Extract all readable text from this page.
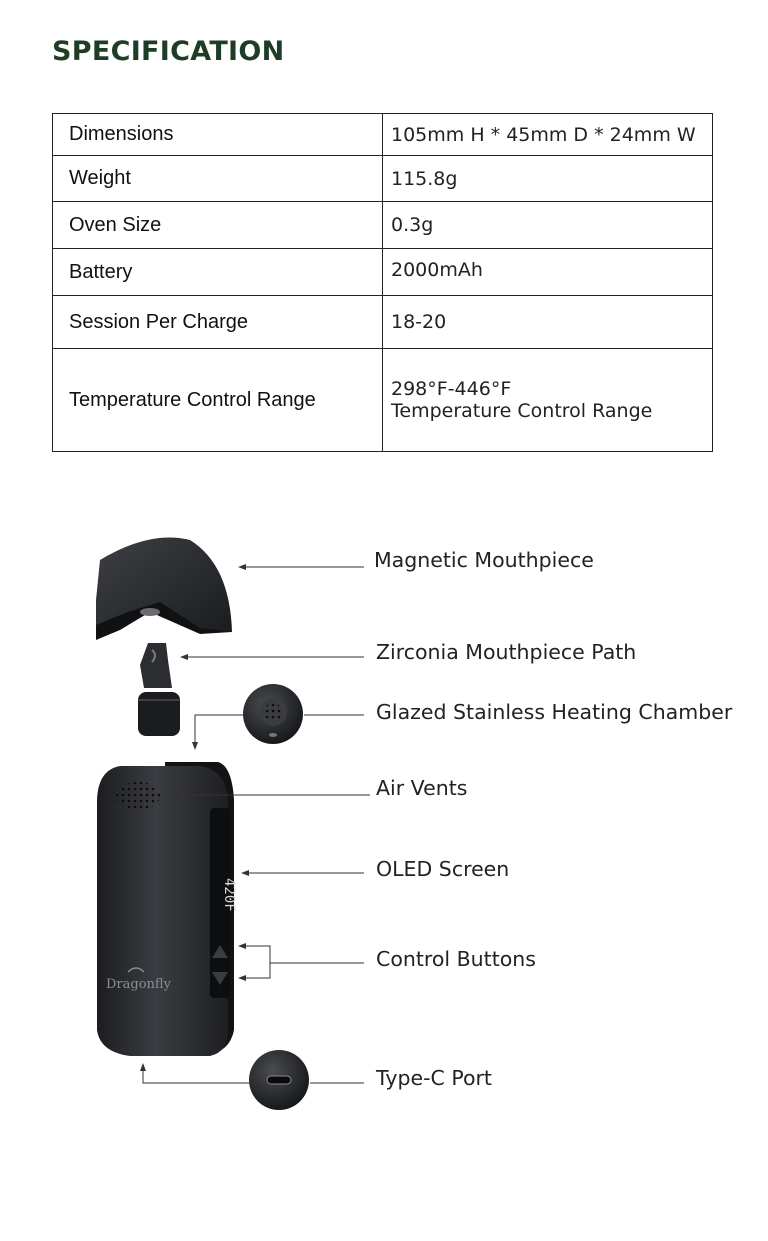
SPECIFICATION
Dimensions	105mm H * 45mm D * 24mm W
Weight	115.8g
Oven Size	0.3g
Battery	2000mAh
Session Per Charge	18-20
Temperature Control Range	298°F-446°F
Temperature Control Range
420F
Dragonfly
Magnetic Mouthpiece
Zirconia Mouthpiece Path
Glazed Stainless Heating Chamber
Air Vents
OLED Screen
Control Buttons
Type-C Port
